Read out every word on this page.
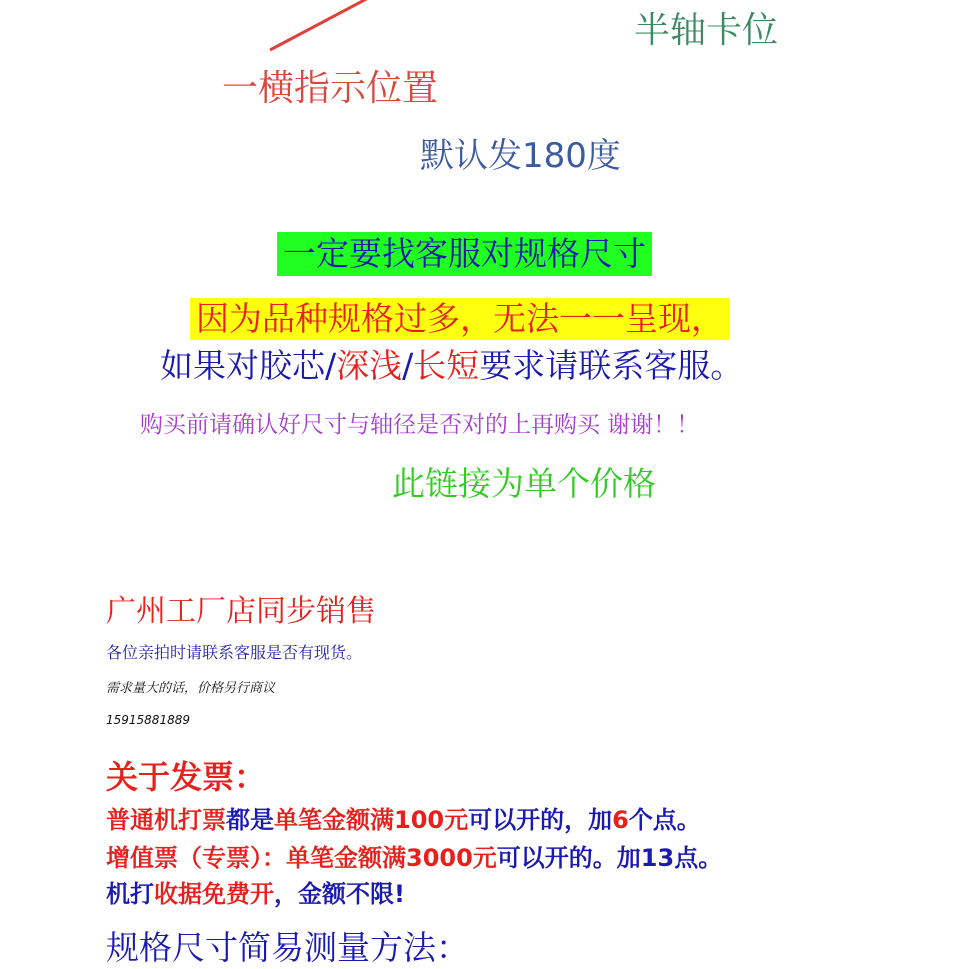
半轴卡位
一横指示位置
默认发180度
一定要找客服对规格尺寸
因为品种规格过多，无法一一呈现，
如果对胶芯/深浅/长短要求请联系客服。
购买前请确认好尺寸与轴径是否对的上再购买 谢谢！！
此链接为单个价格
广州工厂店同步销售
各位亲拍时请联系客服是否有现货。
需求量大的话，价格另行商议
15915881889
关于发票：
普通机打票都是单笔金额满100元可以开的，加6个点。
增值票（专票）：单笔金额满3000元可以开的。加13点。
机打收据免费开，金额不限!
规格尺寸简易测量方法：
